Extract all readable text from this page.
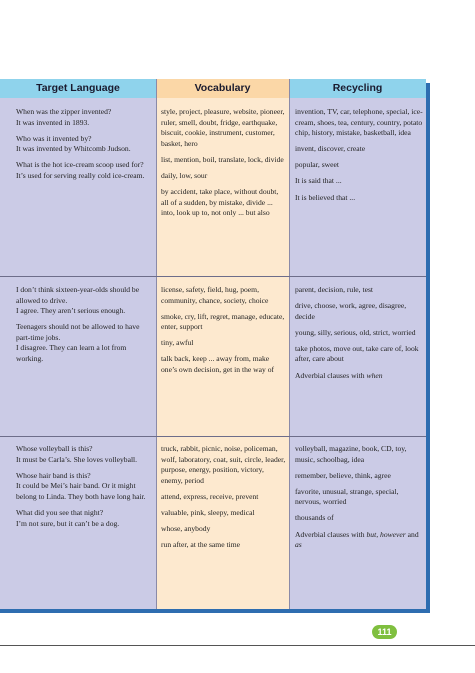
Target Language	Vocabulary	Recycling

When was the zipper invented?
It was invented in 1893.

Who was it invented by?
It was invented by Whitcomb Judson.

What is the hot ice-cream scoop used for?
It’s used for serving really cold ice-cream.

style, project, pleasure, website, pioneer, ruler, smell, doubt, fridge, earthquake, biscuit, cookie, instrument, customer, basket, hero

list, mention, boil, translate, lock, divide

daily, low, sour

by accident, take place, without doubt, all of a sudden, by mistake, divide ... into, look up to, not only ... but also

invention, TV, car, telephone, special, ice-cream, shoes, tea, century, country, potato chip, history, mistake, basketball, idea

invent, discover, create

popular, sweet

It is said that ...

It is believed that ...

I don’t think sixteen-year-olds should be allowed to drive.
I agree. They aren’t serious enough.

Teenagers should not be allowed to have part-time jobs.
I disagree. They can learn a lot from working.

license, safety, field, hug, poem, community, chance, society, choice

smoke, cry, lift, regret, manage, educate, enter, support

tiny, awful

talk back, keep ... away from, make one’s own decision, get in the way of

parent, decision, rule, test

drive, choose, work, agree, disagree, decide

young, silly, serious, old, strict, worried

take photos, move out, take care of, look after, care about

Adverbial clauses with when

Whose volleyball is this?
It must be Carla’s. She loves volleyball.

Whose hair band is this?
It could be Mei’s hair band. Or it might belong to Linda. They both have long hair.

What did you see that night?
I’m not sure, but it can’t be a dog.

truck, rabbit, picnic, noise, policeman, wolf, laboratory, coat, suit, circle, leader, purpose, energy, position, victory, enemy, period

attend, express, receive, prevent

valuable, pink, sleepy, medical

whose, anybody

run after, at the same time

volleyball, magazine, book, CD, toy, music, schoolbag, idea

remember, believe, think, agree

favorite, unusual, strange, special, nervous, worried

thousands of

Adverbial clauses with but, however and as

111
